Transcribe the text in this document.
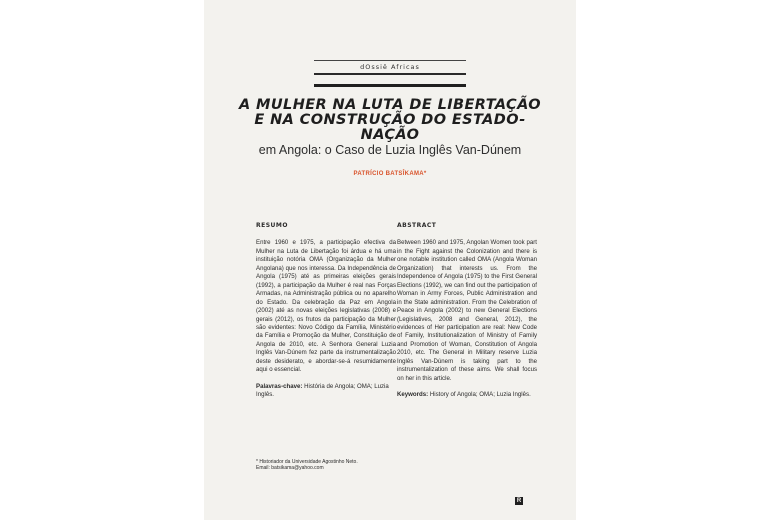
dOssiê Africas
A MULHER NA LUTA DE LIBERTAÇÃO E NA CONSTRUÇÃO DO ESTADO-NAÇÃO
em Angola: o Caso de Luzia Inglês Van-Dúnem
PATRÍCIO BATSÎKAMA*
RESUMO

Entre 1960 e 1975, a participação efectiva da Mulher na Luta de Libertação foi árdua e há uma instituição notória OMA (Organização da Mulher Angolana) que nos interessa. Da Independência de Angola (1975) até as primeiras eleições gerais (1992), a participação da Mulher é real nas Forças Armadas, na Administração pública ou no aparelho do Estado. Da celebração da Paz em Angola (2002) até as novas eleições legislativas (2008) e gerais (2012), os frutos da participação da Mulher são evidentes: Novo Código da Família, Ministério da Família e Promoção da Mulher, Constituição de Angola de 2010, etc. A Senhora General Luzia Inglês Van-Dúnem fez parte da instrumentalização deste desiderato, e abordar-se-á resumidamente aqui o essencial.

Palavras-chave: História de Angola; OMA; Luzia Inglês.

ABSTRACT

Between 1960 and 1975, Angolan Women took part in the Fight against the Colonization and there is one notable institution called OMA (Angola Woman Organization) that interests us. From the Independence of Angola (1975) to the First General Elections (1992), we can find out the participation of Woman in Army Forces, Public Administration and in the State administration. From the Celebration of Peace in Angola (2002) to new General Elections (Legislatives, 2008 and General, 2012), the evidences of Her participation are real: New Code of Family, Institutionalization of Ministry of Family and Promotion of Woman, Constitution of Angola 2010, etc. The General in Military reserve Luzia Inglês Van-Dúnem is taking part to the instrumentalization of these aims. We shall focus on her in this article.

Keywords: History of Angola; OMA; Luzia Inglês.

* Historiador da Universidade Agostinho Neto.
Email: batsikama@yahoo.com
R
